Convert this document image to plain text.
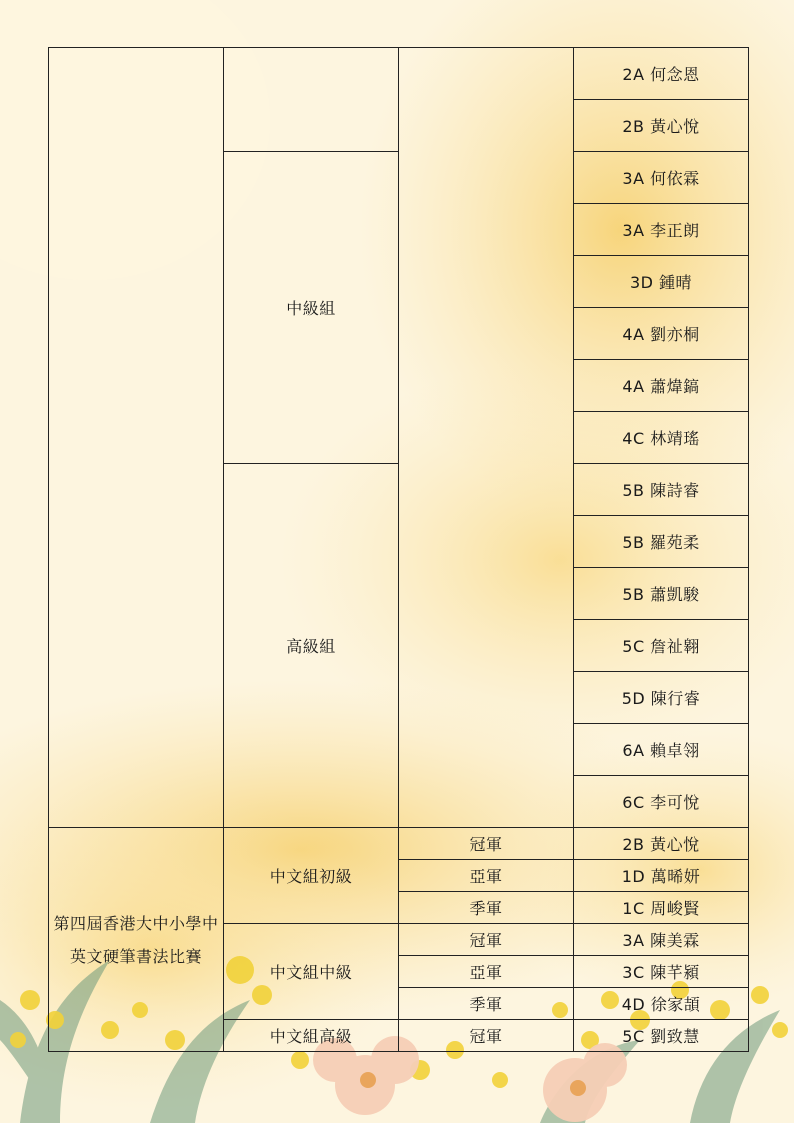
			2A 何念恩
			2B 黃心悅
	中級組		3A 何依霖
			3A 李正朗
			3D 鍾晴
			4A 劉亦桐
			4A 蕭煒鎬
			4C 林靖瑤
	高級組		5B 陳詩睿
			5B 羅苑柔
			5B 蕭凱駿
			5C 詹祉翱
			5D 陳行睿
			6A 賴卓翎
			6C 李可悅
第四屆香港大中小學中英文硬筆書法比賽	中文組初級	冠軍	2B 黃心悅
		亞軍	1D 萬晞妍
		季軍	1C 周峻賢
	中文組中級	冠軍	3A 陳美霖
		亞軍	3C 陳芊潁
		季軍	4D 徐家頡
	中文組高級	冠軍	5C 劉致慧
